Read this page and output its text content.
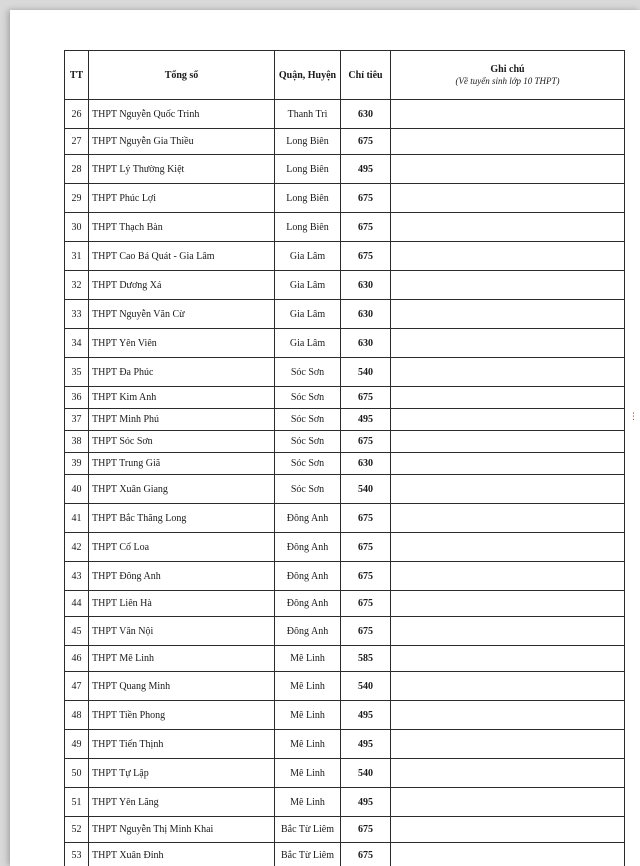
TT	Tổng số	Quận, Huyện	Chỉ tiêu	Ghi chú
(Về tuyển sinh lớp 10 THPT)

26	THPT Nguyễn Quốc Trinh	Thanh Trì	630	
27	THPT Nguyễn Gia Thiều	Long Biên	675	
28	THPT Lý Thường Kiệt	Long Biên	495	
29	THPT Phúc Lợi	Long Biên	675	
30	THPT Thạch Bàn	Long Biên	675	
31	THPT Cao Bá Quát - Gia Lâm	Gia Lâm	675	
32	THPT Dương Xá	Gia Lâm	630	
33	THPT Nguyễn Văn Cừ	Gia Lâm	630	
34	THPT Yên Viên	Gia Lâm	630	
35	THPT Đa Phúc	Sóc Sơn	540	
36	THPT Kim Anh	Sóc Sơn	675	
37	THPT Minh Phú	Sóc Sơn	495	
38	THPT Sóc Sơn	Sóc Sơn	675	
39	THPT Trung Giã	Sóc Sơn	630	
40	THPT Xuân Giang	Sóc Sơn	540	
41	THPT Bắc Thăng Long	Đông Anh	675	
42	THPT Cổ Loa	Đông Anh	675	
43	THPT Đông Anh	Đông Anh	675	
44	THPT Liên Hà	Đông Anh	675	
45	THPT Vân Nội	Đông Anh	675	
46	THPT Mê Linh	Mê Linh	585	
47	THPT Quang Minh	Mê Linh	540	
48	THPT Tiền Phong	Mê Linh	495	
49	THPT Tiến Thịnh	Mê Linh	495	
50	THPT Tự Lập	Mê Linh	540	
51	THPT Yên Lãng	Mê Linh	495	
52	THPT Nguyễn Thị Minh Khai	Bắc Từ Liêm	675	
53	THPT Xuân Đỉnh	Bắc Từ Liêm	675	
⋮
